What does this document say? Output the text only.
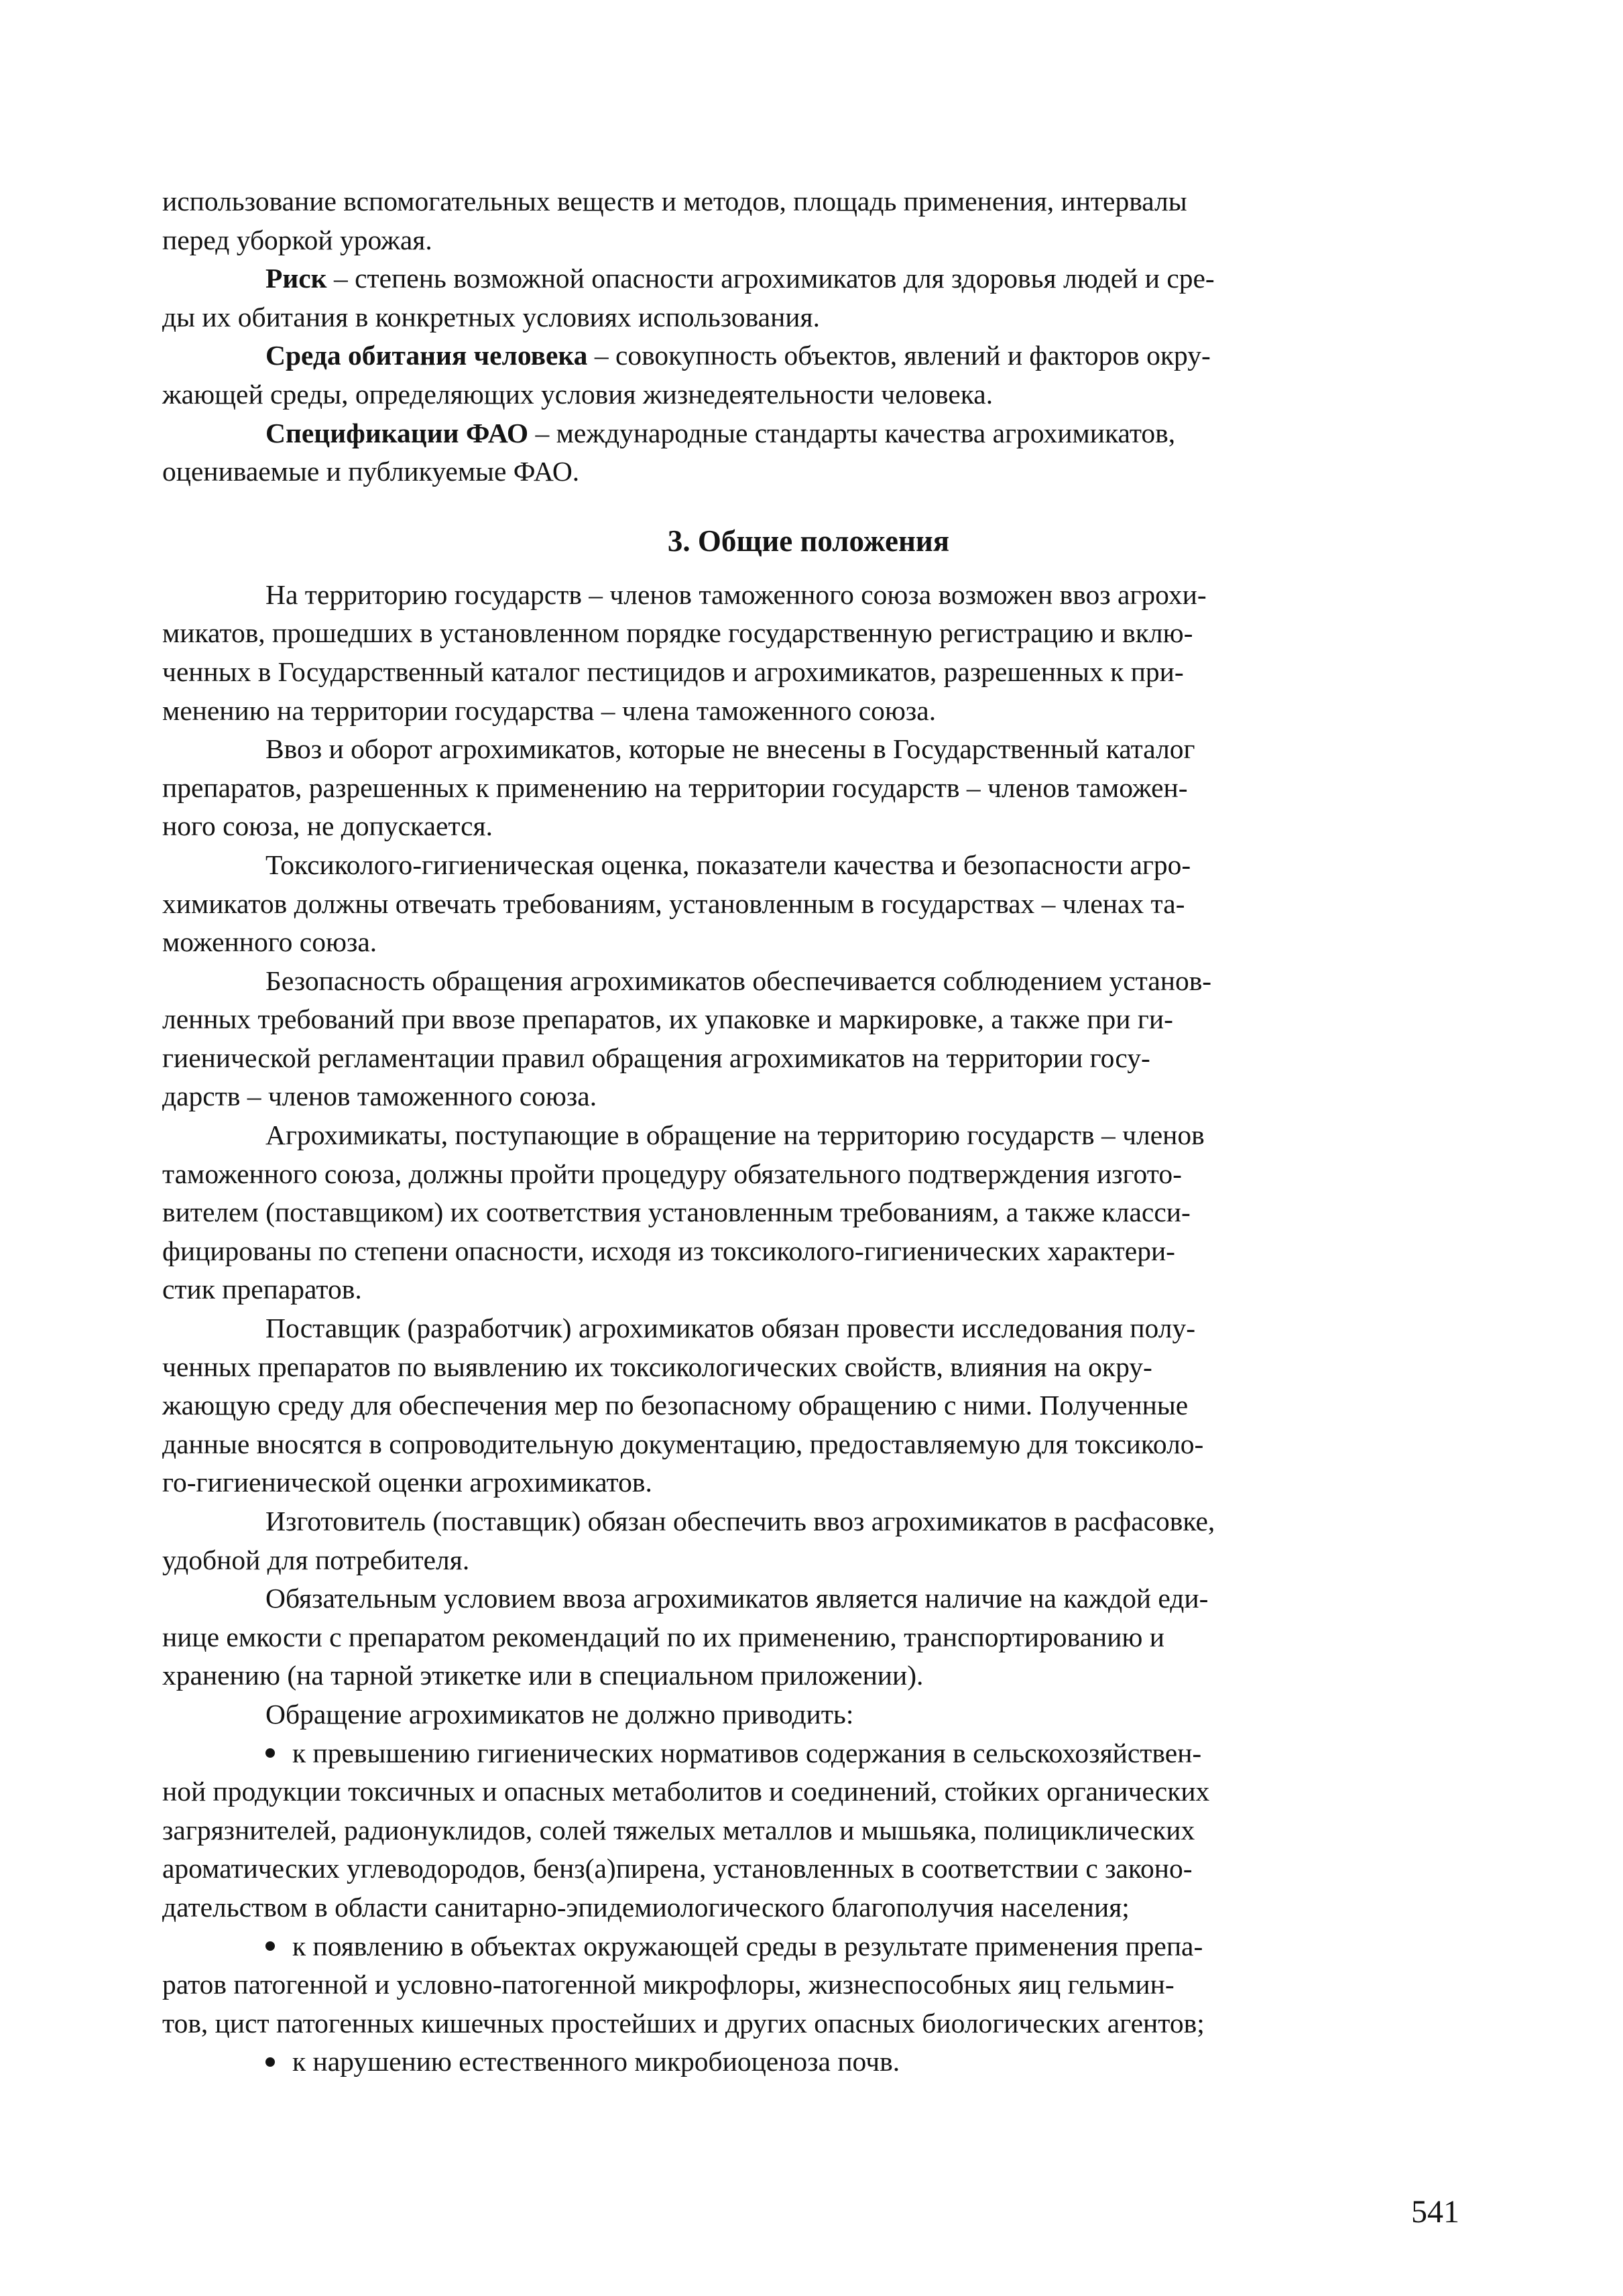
использование вспомогательных веществ и методов, площадь применения, интервалы
перед уборкой урожая.

Риск – степень возможной опасности агрохимикатов для здоровья людей и сре-
ды их обитания в конкретных условиях использования.

Среда обитания человека – совокупность объектов, явлений и факторов окру-
жающей среды, определяющих условия жизнедеятельности человека.

Спецификации ФАО – международные стандарты качества агрохимикатов,
оцениваемые и публикуемые ФАО.

3. Общие положения

На территорию государств – членов таможенного союза возможен ввоз агрохи-
микатов, прошедших в установленном порядке государственную регистрацию и вклю-
ченных в Государственный каталог пестицидов и агрохимикатов, разрешенных к при-
менению на территории государства – члена таможенного союза.

Ввоз и оборот агрохимикатов, которые не внесены в Государственный каталог
препаратов, разрешенных к применению на территории государств – членов таможен-
ного союза, не допускается.

Токсиколого-гигиеническая оценка, показатели качества и безопасности агро-
химикатов должны отвечать требованиям, установленным в государствах – членах та-
моженного союза.

Безопасность обращения агрохимикатов обеспечивается соблюдением установ-
ленных требований при ввозе препаратов, их упаковке и маркировке, а также при ги-
гиенической регламентации правил обращения агрохимикатов на территории госу-
дарств – членов таможенного союза.

Агрохимикаты, поступающие в обращение на территорию государств – членов
таможенного союза, должны пройти процедуру обязательного подтверждения изгото-
вителем (поставщиком) их соответствия установленным требованиям, а также класси-
фицированы по степени опасности, исходя из токсиколого-гигиенических характери-
стик препаратов.

Поставщик (разработчик) агрохимикатов обязан провести исследования полу-
ченных препаратов по выявлению их токсикологических свойств, влияния на окру-
жающую среду для обеспечения мер по безопасному обращению с ними. Полученные
данные вносятся в сопроводительную документацию, предоставляемую для токсиколо-
го-гигиенической оценки агрохимикатов.

Изготовитель (поставщик) обязан обеспечить ввоз агрохимикатов в расфасовке,
удобной для потребителя.

Обязательным условием ввоза агрохимикатов является наличие на каждой еди-
нице емкости с препаратом рекомендаций по их применению, транспортированию и
хранению (на тарной этикетке или в специальном приложении).

Обращение агрохимикатов не должно приводить:

к превышению гигиенических нормативов содержания в сельскохозяйствен-
ной продукции токсичных и опасных метаболитов и соединений, стойких органических
загрязнителей, радионуклидов, солей тяжелых металлов и мышьяка, полициклических
ароматических углеводородов, бенз(а)пирена, установленных в соответствии с законо-
дательством в области санитарно-эпидемиологического благополучия населения;

к появлению в объектах окружающей среды в результате применения препа-
ратов патогенной и условно-патогенной микрофлоры, жизнеспособных яиц гельмин-
тов, цист патогенных кишечных простейших и других опасных биологических агентов;

к нарушению естественного микробиоценоза почв.

541
